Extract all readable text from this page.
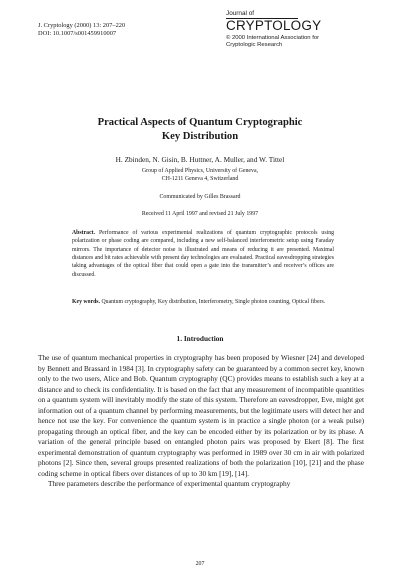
J. Cryptology (2000) 13: 207–220
DOI: 10.1007/s001459910007
Journal of
CRYPTOLOGY
© 2000 International Association for
Cryptologic Research
Practical Aspects of Quantum Cryptographic
Key Distribution
H. Zbinden, N. Gisin, B. Huttner, A. Muller, and W. Tittel
Group of Applied Physics, University of Geneva,
CH-1211 Geneva 4, Switzerland
Communicated by Gilles Brassard
Received 11 April 1997 and revised 21 July 1997

Abstract. Performance of various experimental realizations of quantum cryptographic protocols using polarization or phase coding are compared, including a new self-balanced interferometric setup using Faraday mirrors. The importance of detector noise is illustrated and means of reducing it are presented. Maximal distances and bit rates achievable with present day technologies are evaluated. Practical eavesdropping strategies taking advantages of the optical fiber that could open a gate into the transmitter’s and receiver’s offices are discussed.

Key words. Quantum cryptography, Key distribution, Interferometry, Single photon counting, Optical fibers.

1. Introduction

The use of quantum mechanical properties in cryptography has been proposed by Wiesner [24] and developed by Bennett and Brassard in 1984 [3]. In cryptography safety can be guaranteed by a common secret key, known only to the two users, Alice and Bob. Quantum cryptography (QC) provides means to establish such a key at a distance and to check its confidentiality. It is based on the fact that any measurement of incompatible quantities on a quantum system will inevitably modify the state of this system. Therefore an eavesdropper, Eve, might get information out of a quantum channel by performing measurements, but the legitimate users will detect her and hence not use the key. For convenience the quantum system is in practice a single photon (or a weak pulse) propagating through an optical fiber, and the key can be encoded either by its polarization or by its phase. A variation of the general principle based on entangled photon pairs was proposed by Ekert [8]. The first experimental demonstration of quantum cryptography was performed in 1989 over 30 cm in air with polarized photons [2]. Since then, several groups presented realizations of both the polarization [10], [21] and the phase coding scheme in optical fibers over distances of up to 30 km [19], [14].

Three parameters describe the performance of experimental quantum cryptography

207
